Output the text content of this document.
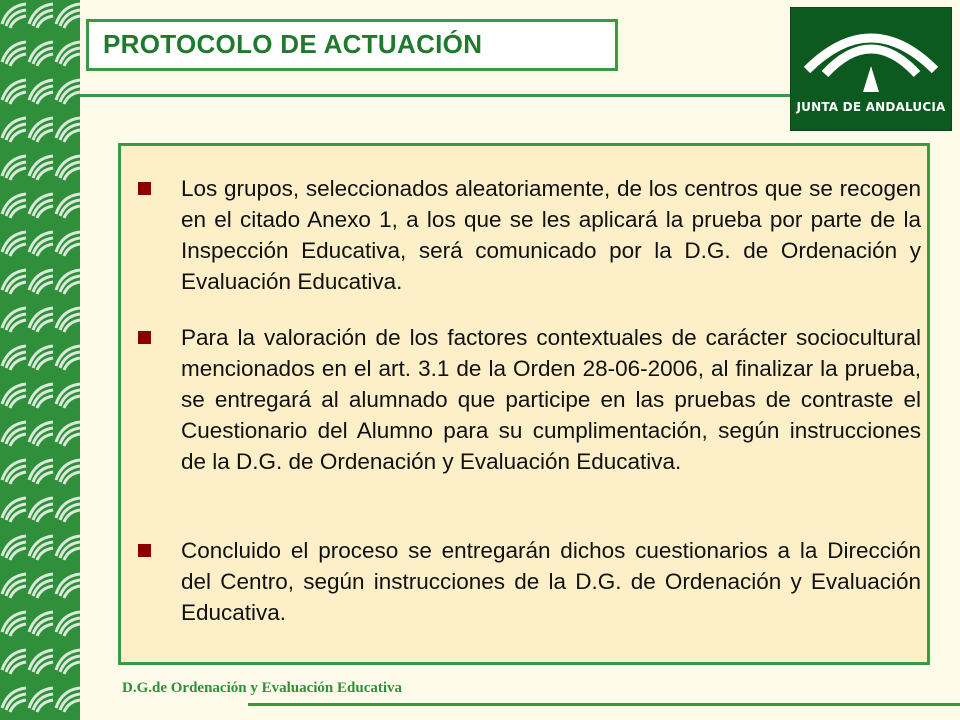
PROTOCOLO DE ACTUACIÓN
JUNTA DE ANDALUCIA
Los grupos, seleccionados aleatoriamente, de los centros que se recogen en el citado Anexo 1, a los que se les aplicará la prueba por parte de la Inspección Educativa, será comunicado por la D.G. de Ordenación y Evaluación Educativa.
Para la valoración de los factores contextuales de carácter sociocultural mencionados en el art. 3.1 de la Orden 28-06-2006, al finalizar la prueba, se entregará al alumnado que participe en las pruebas de contraste el Cuestionario del Alumno para su cumplimentación, según instrucciones de la D.G. de Ordenación y Evaluación Educativa.
Concluido el proceso se entregarán dichos cuestionarios a la Dirección del Centro, según instrucciones de la D.G. de Ordenación y Evaluación Educativa.
D.G.de Ordenación y Evaluación Educativa
